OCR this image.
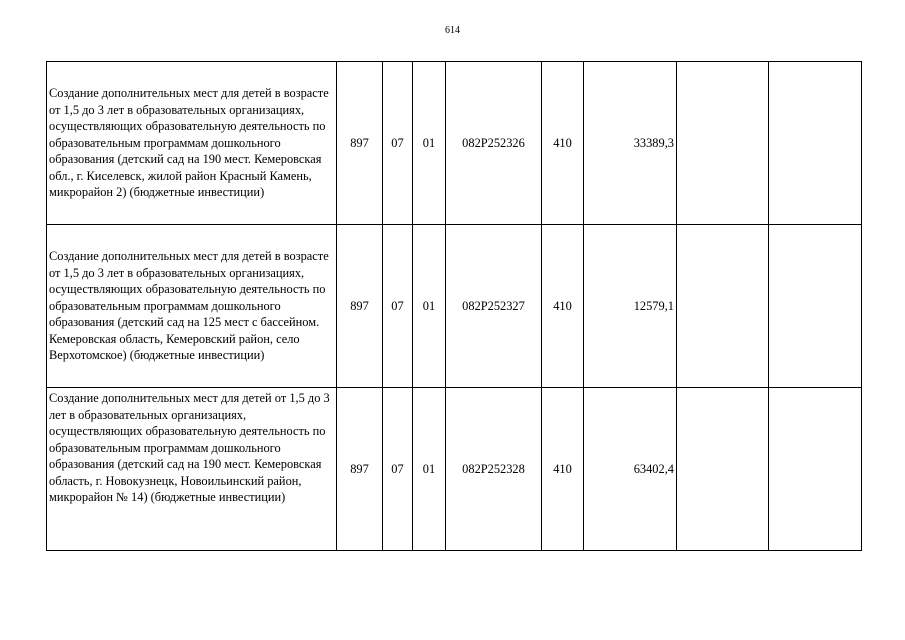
614
Создание дополнительных мест для детей в возрасте от 1,5 до 3 лет в образовательных организациях, осуществляющих образовательную деятельность по образовательным программам дошкольного образования (детский сад на 190 мест. Кемеровская обл., г. Киселевск, жилой район Красный Камень, микрорайон 2) (бюджетные инвестиции)	897	07	01	082Р252326	410	33389,3		
Создание дополнительных мест для детей в возрасте от 1,5 до 3 лет в образовательных организациях, осуществляющих образовательную деятельность по образовательным программам дошкольного образования (детский сад на 125 мест с бассейном. Кемеровская область, Кемеровский район, село Верхотомское) (бюджетные инвестиции)	897	07	01	082Р252327	410	12579,1		
Создание дополнительных мест для детей от 1,5 до 3 лет в образовательных организациях, осуществляющих образовательную деятельность по образовательным программам дошкольного образования (детский сад на 190 мест. Кемеровская область, г. Новокузнецк, Новоильинский район, микрорайон № 14) (бюджетные инвестиции)	897	07	01	082Р252328	410	63402,4		
